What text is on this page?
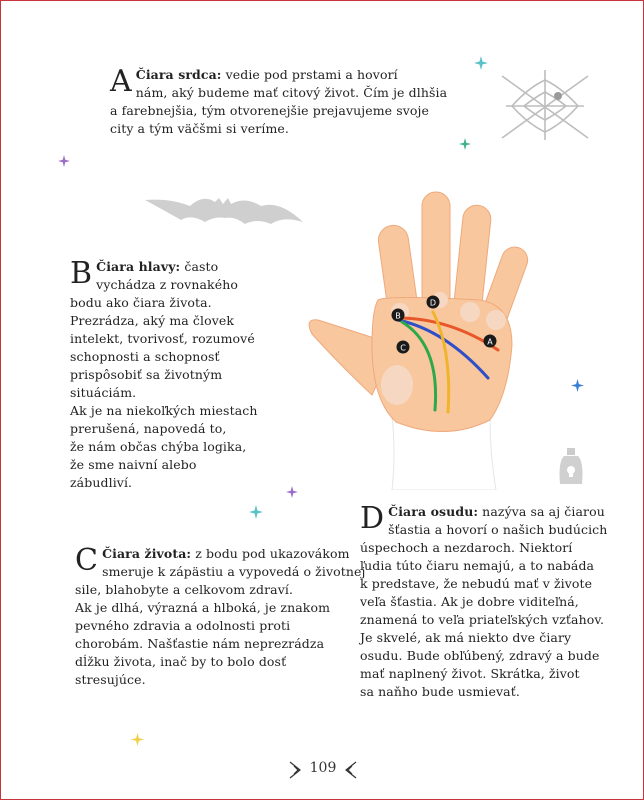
A Čiara srdca: vedie pod prstami a hovorí
nám, aký budeme mať citový život. Čím je dlhšia
a farebnejšia, tým otvorenejšie prejavujeme svoje
city a tým väčšmi si veríme.
B Čiara hlavy: často
vychádza z rovnakého
bodu ako čiara života.
Prezrádza, aký ma človek
intelekt, tvorivosť, rozumové
schopnosti a schopnosť
prispôsobiť sa životným
situáciám.
Ak je na niekoľkých miestach
prerušená, napovedá to,
že nám občas chýba logika,
že sme naivní alebo
zábudliví.
C Čiara života: z bodu pod ukazovákom
smeruje k zápästiu a vypovedá o životnej
sile, blahobyte a celkovom zdraví.
Ak je dlhá, výrazná a hlboká, je znakom
pevného zdravia a odolnosti proti
chorobám. Našťastie nám neprezrádza
dĺžku života, inač by to bolo dosť
stresujúce.
D Čiara osudu: nazýva sa aj čiarou
šťastia a hovorí o našich budúcich
úspechoch a nezdaroch. Niektorí
ľudia túto čiaru nemajú, a to nabáda
k predstave, že nebudú mať v živote
veľa šťastia. Ak je dobre viditeľná,
znamená to veľa priateľských vzťahov.
Je skvelé, ak má niekto dve čiary
osudu. Bude obľúbený, zdravý a bude
mať naplnený život. Skrátka, život
sa naňho bude usmievať.
D
B
C
A
109
